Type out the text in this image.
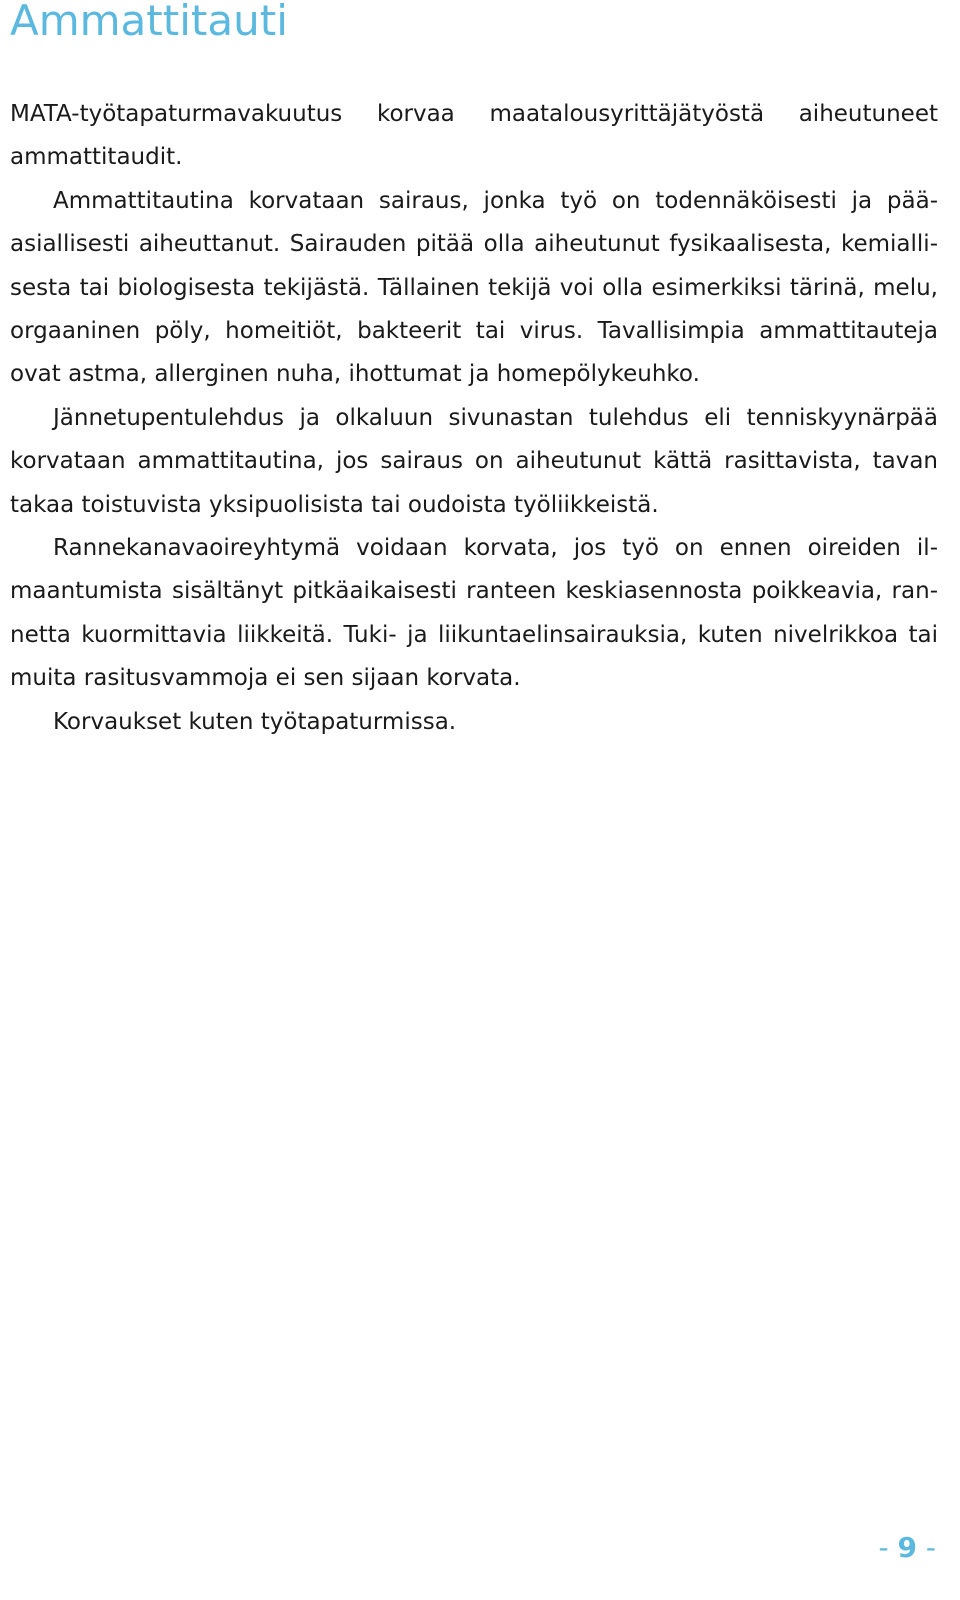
Ammattitauti

MATA-työtapaturmavakuutus korvaa maatalousyrittäjätyöstä aiheutuneet ammattitaudit.

Ammattitautina korvataan sairaus, jonka työ on todennäköisesti ja pääasiallisesti aiheuttanut. Sairauden pitää olla aiheutunut fysikaalisesta, kemiallisesta tai biologisesta tekijästä. Tällainen tekijä voi olla esimerkiksi tärinä, melu, orgaaninen pöly, homeitiöt, bakteerit tai virus. Tavallisimpia ammattitauteja ovat astma, allerginen nuha, ihottumat ja homepölykeuhko.

Jännetupentulehdus ja olkaluun sivunastan tulehdus eli tenniskyynärpää korvataan ammattitautina, jos sairaus on aiheutunut kättä rasittavista, tavan takaa toistuvista yksipuolisista tai oudoista työliikkeistä.

Rannekanavaoireyhtymä voidaan korvata, jos työ on ennen oireiden ilmaantumista sisältänyt pitkäaikaisesti ranteen keskiasennosta poikkeavia, rannetta kuormittavia liikkeitä. Tuki- ja liikuntaelinsairauksia, kuten nivelrikkoa tai muita rasitusvammoja ei sen sijaan korvata.

Korvaukset kuten työtapaturmissa.

- 9 -
